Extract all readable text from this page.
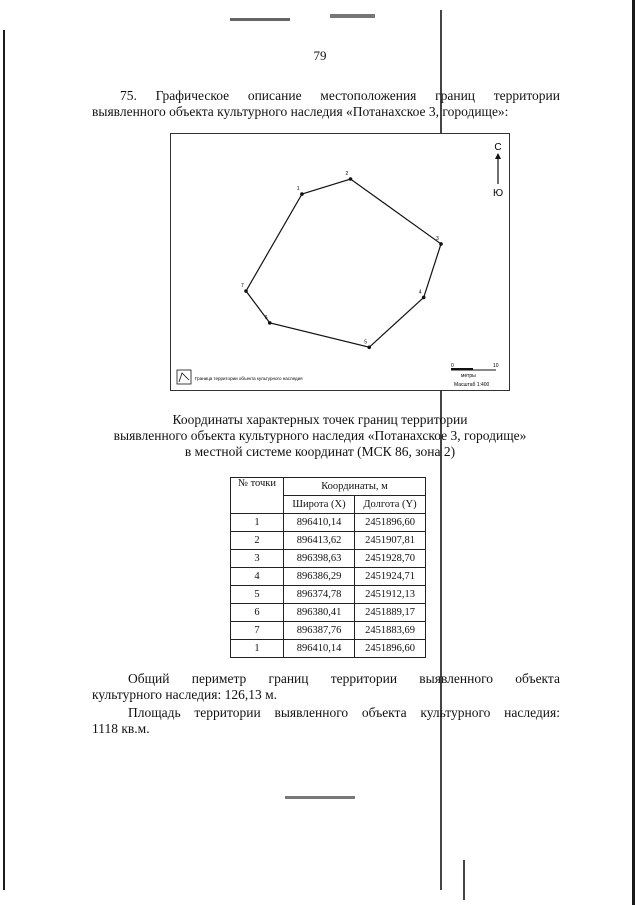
79
75. Графическое описание местоположения границ территории
выявленного объекта культурного наследия «Потанахское 3, городище»:
1
2
3
4
5
6
7
С
Ю
Граница территории объекта культурного наследия
0	10
метры
Масштаб 1:400
Координаты характерных точек границ территории
выявленного объекта культурного наследия «Потанахское 3, городище»
в местной системе координат (МСК 86, зона 2)
№ точки	Координаты, м	
	Широта (X)	Долгота (Y)
1	896410,14	2451896,60
2	896413,62	2451907,81
3	896398,63	2451928,70
4	896386,29	2451924,71
5	896374,78	2451912,13
6	896380,41	2451889,17
7	896387,76	2451883,69
1	896410,14	2451896,60
Общий периметр границ территории выявленного объекта
культурного наследия: 126,13 м.
Площадь территории выявленного объекта культурного наследия:
1118 кв.м.
